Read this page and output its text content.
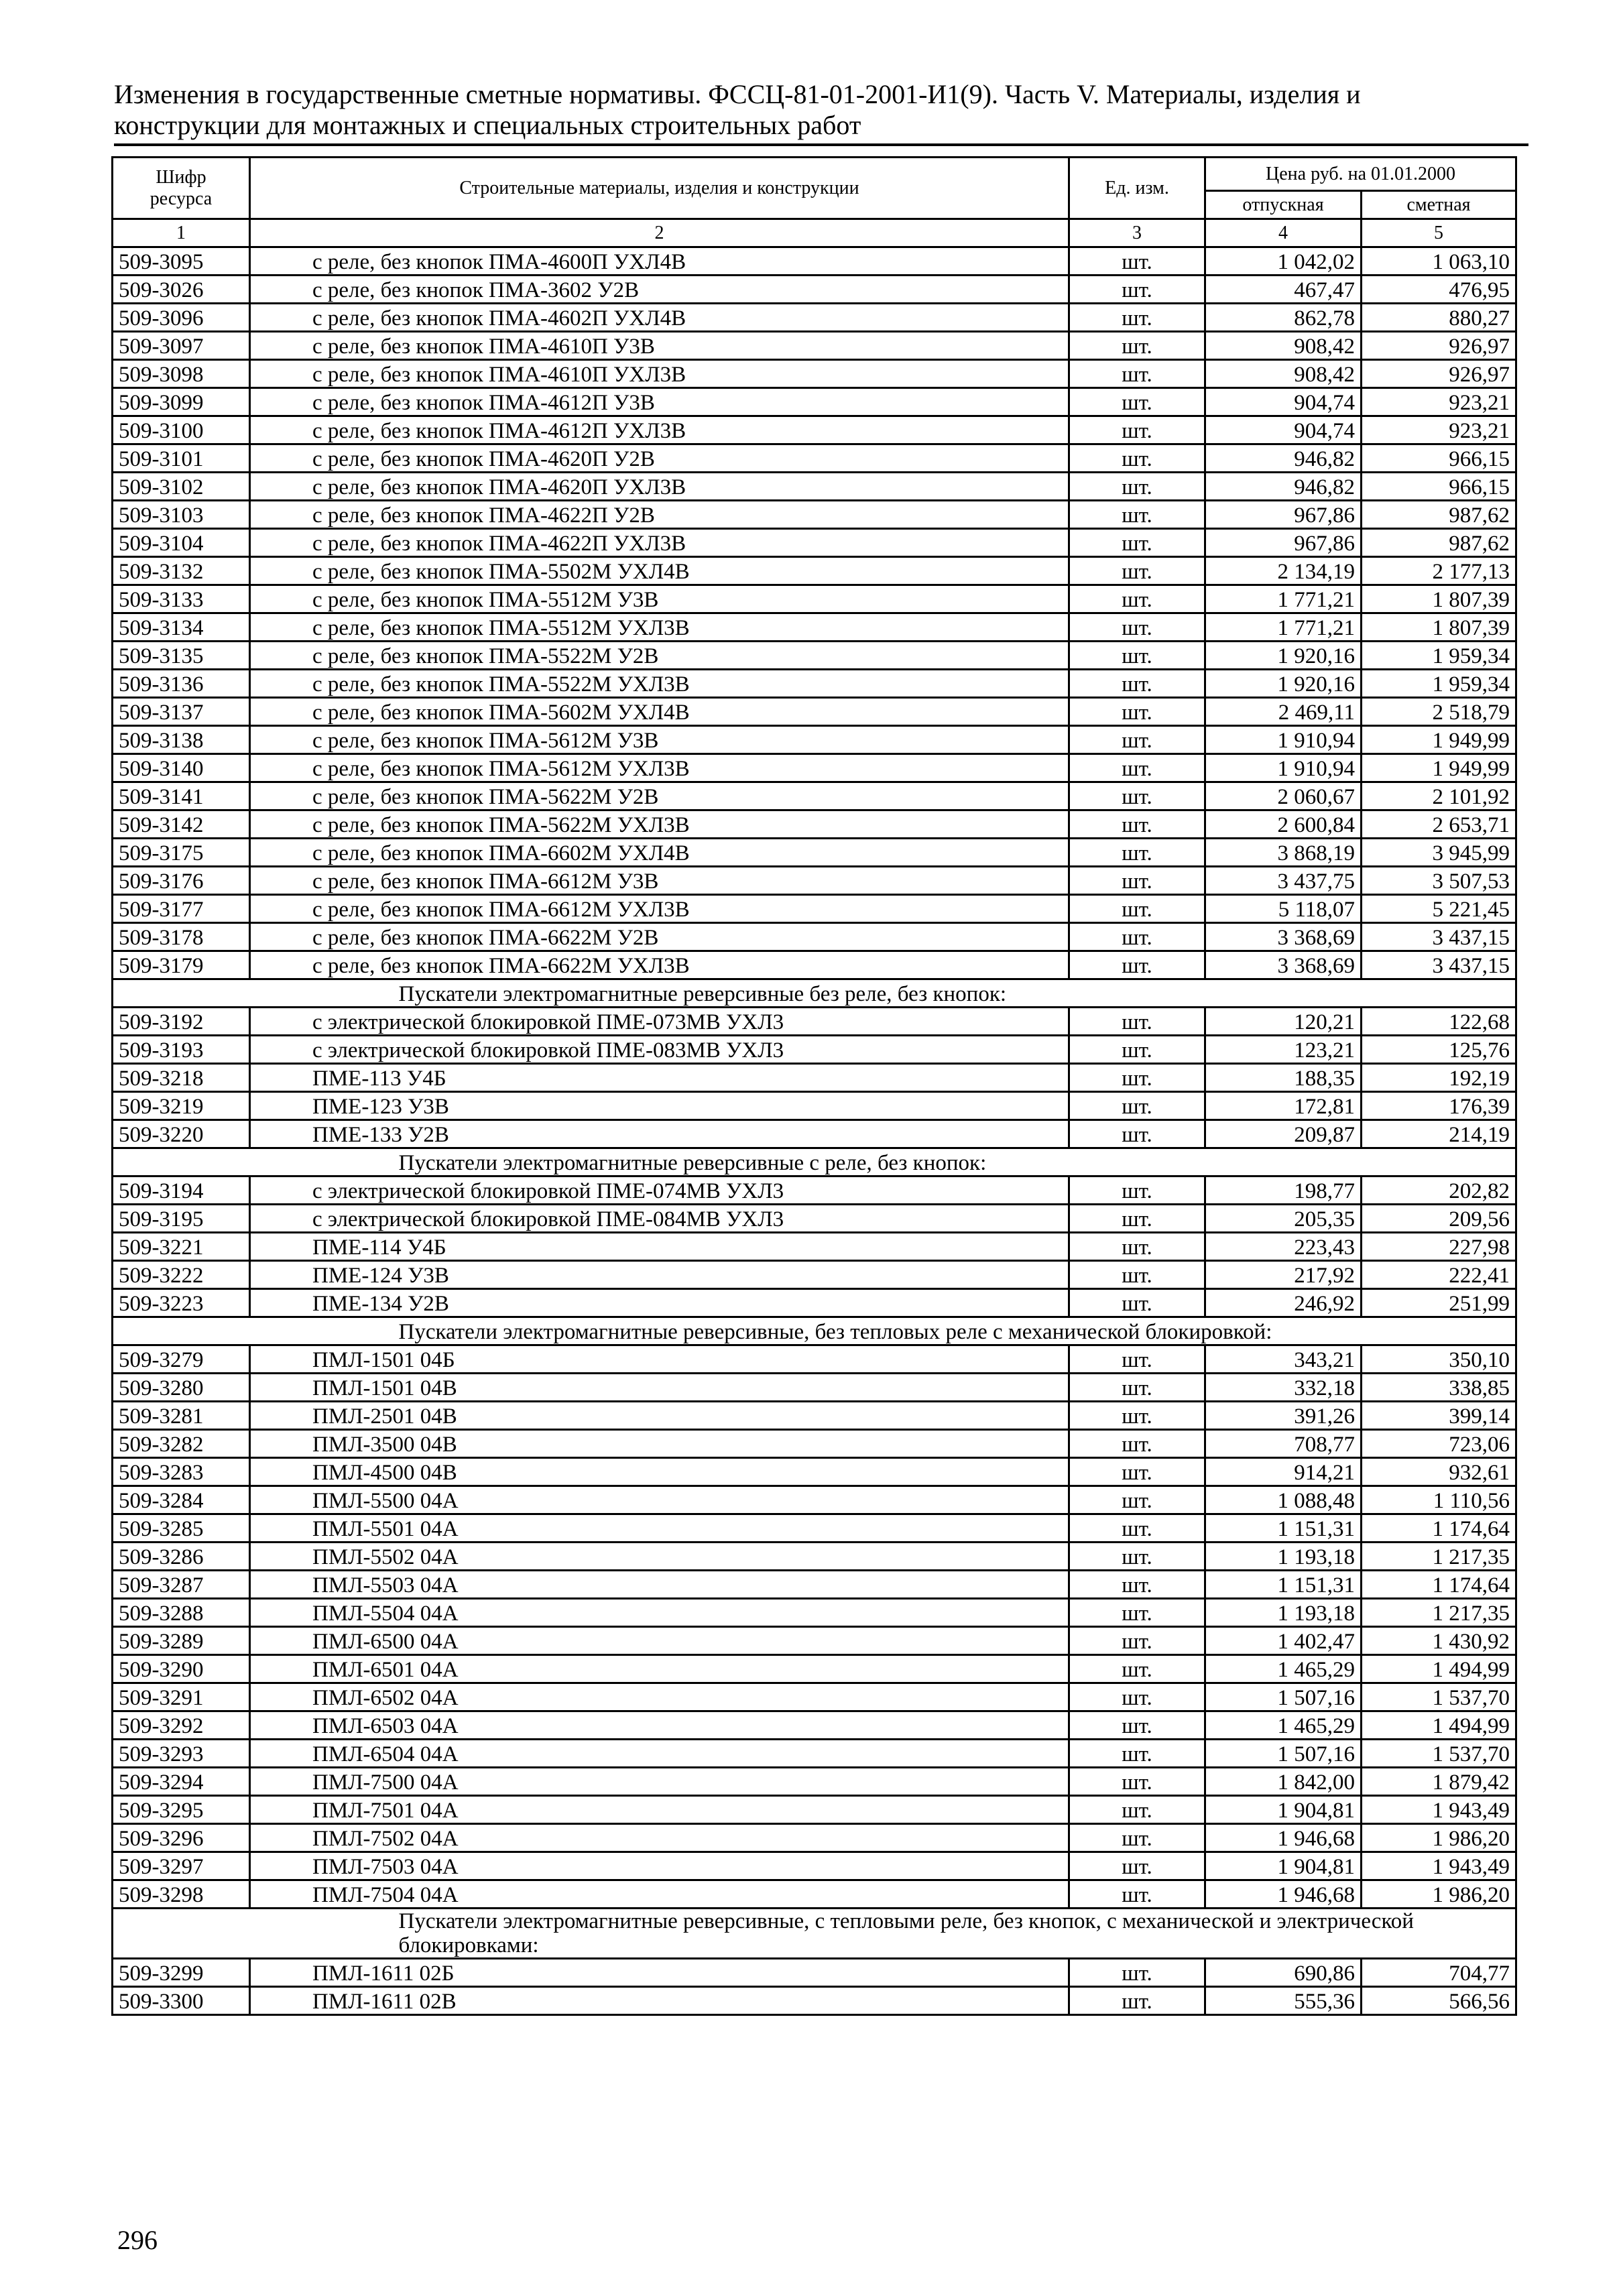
Изменения в государственные сметные нормативы. ФССЦ-81-01-2001-И1(9). Часть V. Материалы, изделия и
конструкции для монтажных и специальных строительных работ
Шифр ресурса	Строительные материалы, изделия и конструкции	Ед. изм.	Цена руб. на 01.01.2000	
			отпускная	сметная
1	2	3	4	5
509-3095	с реле, без кнопок ПМА-4600П УХЛ4В	шт.	1 042,02	1 063,10
509-3026	с реле, без кнопок ПМА-3602 У2В	шт.	467,47	476,95
509-3096	с реле, без кнопок ПМА-4602П УХЛ4В	шт.	862,78	880,27
509-3097	с реле, без кнопок ПМА-4610П У3В	шт.	908,42	926,97
509-3098	с реле, без кнопок ПМА-4610П УХЛ3В	шт.	908,42	926,97
509-3099	с реле, без кнопок ПМА-4612П У3В	шт.	904,74	923,21
509-3100	с реле, без кнопок ПМА-4612П УХЛ3В	шт.	904,74	923,21
509-3101	с реле, без кнопок ПМА-4620П У2В	шт.	946,82	966,15
509-3102	с реле, без кнопок ПМА-4620П УХЛ3В	шт.	946,82	966,15
509-3103	с реле, без кнопок ПМА-4622П У2В	шт.	967,86	987,62
509-3104	с реле, без кнопок ПМА-4622П УХЛ3В	шт.	967,86	987,62
509-3132	с реле, без кнопок ПМА-5502М УХЛ4В	шт.	2 134,19	2 177,13
509-3133	с реле, без кнопок ПМА-5512М У3В	шт.	1 771,21	1 807,39
509-3134	с реле, без кнопок ПМА-5512М УХЛ3В	шт.	1 771,21	1 807,39
509-3135	с реле, без кнопок ПМА-5522М У2В	шт.	1 920,16	1 959,34
509-3136	с реле, без кнопок ПМА-5522М УХЛ3В	шт.	1 920,16	1 959,34
509-3137	с реле, без кнопок ПМА-5602М УХЛ4В	шт.	2 469,11	2 518,79
509-3138	с реле, без кнопок ПМА-5612М У3В	шт.	1 910,94	1 949,99
509-3140	с реле, без кнопок ПМА-5612М УХЛ3В	шт.	1 910,94	1 949,99
509-3141	с реле, без кнопок ПМА-5622М У2В	шт.	2 060,67	2 101,92
509-3142	с реле, без кнопок ПМА-5622М УХЛ3В	шт.	2 600,84	2 653,71
509-3175	с реле, без кнопок ПМА-6602М УХЛ4В	шт.	3 868,19	3 945,99
509-3176	с реле, без кнопок ПМА-6612М У3В	шт.	3 437,75	3 507,53
509-3177	с реле, без кнопок ПМА-6612М УХЛ3В	шт.	5 118,07	5 221,45
509-3178	с реле, без кнопок ПМА-6622М У2В	шт.	3 368,69	3 437,15
509-3179	с реле, без кнопок ПМА-6622М УХЛ3В	шт.	3 368,69	3 437,15
	Пускатели электромагнитные реверсивные без реле, без кнопок:			
509-3192	с электрической блокировкой ПМЕ-073МВ УХЛ3	шт.	120,21	122,68
509-3193	с электрической блокировкой ПМЕ-083МВ УХЛ3	шт.	123,21	125,76
509-3218	ПМЕ-113 У4Б	шт.	188,35	192,19
509-3219	ПМЕ-123 У3В	шт.	172,81	176,39
509-3220	ПМЕ-133 У2В	шт.	209,87	214,19
	Пускатели электромагнитные реверсивные с реле, без кнопок:			
509-3194	с электрической блокировкой ПМЕ-074МВ УХЛ3	шт.	198,77	202,82
509-3195	с электрической блокировкой ПМЕ-084МВ УХЛ3	шт.	205,35	209,56
509-3221	ПМЕ-114 У4Б	шт.	223,43	227,98
509-3222	ПМЕ-124 У3В	шт.	217,92	222,41
509-3223	ПМЕ-134 У2В	шт.	246,92	251,99
	Пускатели электромагнитные реверсивные, без тепловых реле с механической блокировкой:			
509-3279	ПМЛ-1501 04Б	шт.	343,21	350,10
509-3280	ПМЛ-1501 04В	шт.	332,18	338,85
509-3281	ПМЛ-2501 04В	шт.	391,26	399,14
509-3282	ПМЛ-3500 04В	шт.	708,77	723,06
509-3283	ПМЛ-4500 04В	шт.	914,21	932,61
509-3284	ПМЛ-5500 04А	шт.	1 088,48	1 110,56
509-3285	ПМЛ-5501 04А	шт.	1 151,31	1 174,64
509-3286	ПМЛ-5502 04А	шт.	1 193,18	1 217,35
509-3287	ПМЛ-5503 04А	шт.	1 151,31	1 174,64
509-3288	ПМЛ-5504 04А	шт.	1 193,18	1 217,35
509-3289	ПМЛ-6500 04А	шт.	1 402,47	1 430,92
509-3290	ПМЛ-6501 04А	шт.	1 465,29	1 494,99
509-3291	ПМЛ-6502 04А	шт.	1 507,16	1 537,70
509-3292	ПМЛ-6503 04А	шт.	1 465,29	1 494,99
509-3293	ПМЛ-6504 04А	шт.	1 507,16	1 537,70
509-3294	ПМЛ-7500 04А	шт.	1 842,00	1 879,42
509-3295	ПМЛ-7501 04А	шт.	1 904,81	1 943,49
509-3296	ПМЛ-7502 04А	шт.	1 946,68	1 986,20
509-3297	ПМЛ-7503 04А	шт.	1 904,81	1 943,49
509-3298	ПМЛ-7504 04А	шт.	1 946,68	1 986,20
	Пускатели электромагнитные реверсивные, с тепловыми реле, без кнопок, с механической и электрической блокировками:			
509-3299	ПМЛ-1611 02Б	шт.	690,86	704,77
509-3300	ПМЛ-1611 02В	шт.	555,36	566,56
296
